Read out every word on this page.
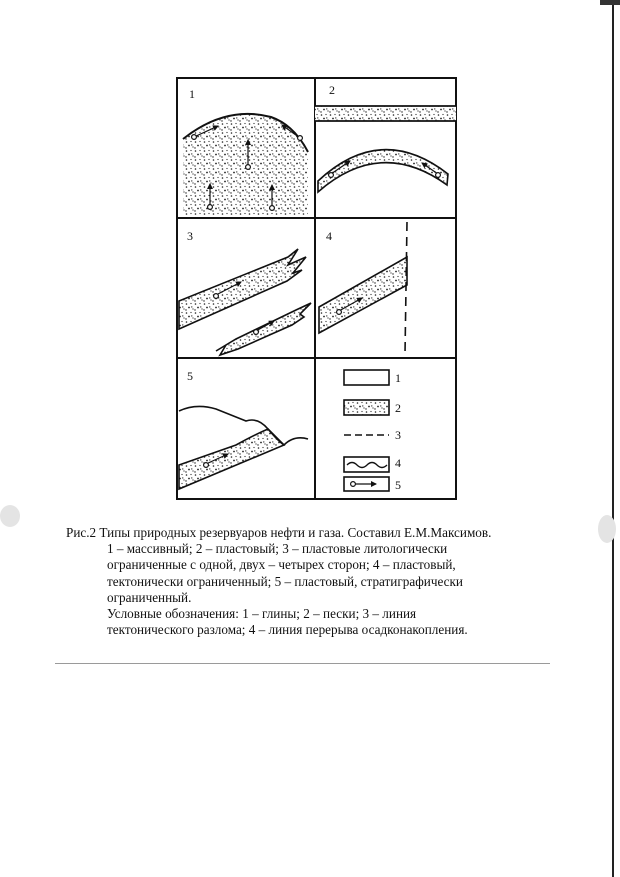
1	2
3	4
5	1
2
3
4
5
Рис.2 Типы природных резервуаров нефти и газа. Составил Е.М.Максимов.
1 – массивный; 2 – пластовый; 3 – пластовые литологически
ограниченные с одной, двух – четырех сторон; 4 – пластовый,
тектонически ограниченный; 5 – пластовый, стратиграфически
ограниченный.
Условные обозначения: 1 – глины; 2 – пески; 3 – линия
тектонического разлома; 4 – линия перерыва осадконакопления.
